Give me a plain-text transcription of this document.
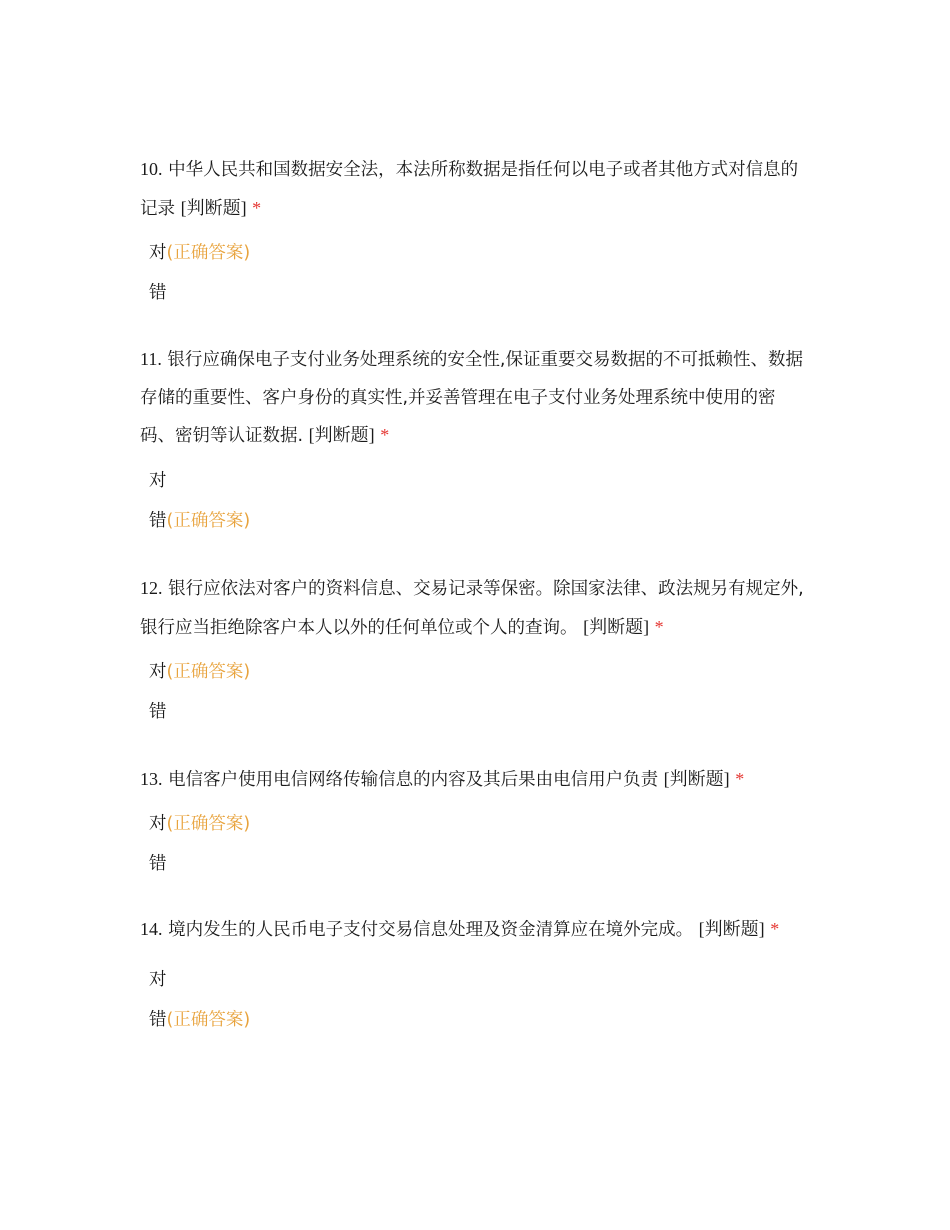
10. 中华人民共和国数据安全法，本法所称数据是指任何以电子或者其他方式对信息的记录 [判断题] *

对(正确答案)
错

11. 银行应确保电子支付业务处理系统的安全性,保证重要交易数据的不可抵赖性、数据存储的重要性、客户身份的真实性,并妥善管理在电子支付业务处理系统中使用的密码、密钥等认证数据. [判断题] *

对
错(正确答案)

12. 银行应依法对客户的资料信息、交易记录等保密。除国家法律、政法规另有规定外,银行应当拒绝除客户本人以外的任何单位或个人的查询。 [判断题] *

对(正确答案)
错

13. 电信客户使用电信网络传输信息的内容及其后果由电信用户负责 [判断题] *

对(正确答案)
错

14. 境内发生的人民币电子支付交易信息处理及资金清算应在境外完成。 [判断题] *

对
错(正确答案)
